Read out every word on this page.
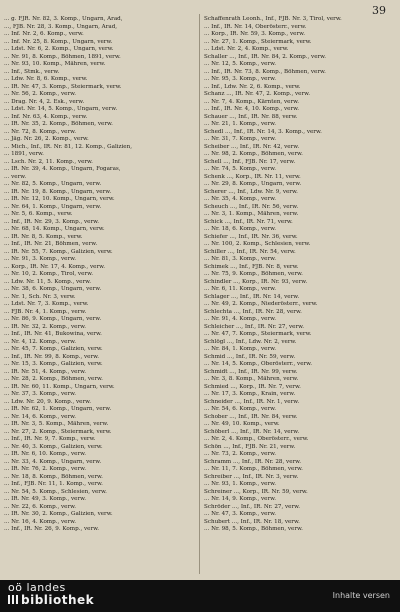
39
... g. FJR. Nr. 82, 3. Komp., Ungarn, Arad,
..., FJB. Nr. 28, 3. Komp., Ungarn, Arad,
... Inf. Nr. 2, 6. Komp., verw.
... Inf. Nr. 25, 8. Komp., Ungarn, verw.
... Ldst. Nr. 6, 2. Komp., Ungarn, verw.
... Nr. 91, 8. Komp., Böhmen, 1891, verw.
... Nr. 93, 10. Komp., Mähren, verw.
... Inf., Stmk., verw.
... Ldw. Nr. 8, 6. Komp., verw.
... IR. Nr. 47, 3. Komp., Steiermark, verw.
... Nr. 56, 2. Komp., verw.
... Drag. Nr. 4, 2. Esk., verw.
... Ldst. Nr. 14, 5. Komp., Ungarn, verw.
... Inf. Nr. 63, 4. Komp., verw.
... IR. Nr. 35, 2. Komp., Böhmen, verw.
... Nr. 72, 8. Komp., verw.
... Jäg. Nr. 26, 2. Komp., verw.
... Mich., Inf., IR. Nr. 81, 12. Komp., Galizien,
... 1891, verw.
... Lsch. Nr. 2, 11. Komp., verw.
... IR. Nr. 39, 4. Komp., Ungarn, Fogaras,
... verw.
... Nr. 82, 5. Komp., Ungarn, verw.
... IR. Nr. 19, 8. Komp., Ungarn, verw.
... IR. Nr. 12, 10. Komp., Ungarn, verw.
... Nr. 64, 1. Komp., Ungarn, verw.
... Nr. 5, 6. Komp., verw.
... Inf., IR. Nr. 29, 3. Komp., verw.
... Nr. 68, 14. Komp., Ungarn, verw.
... IR. Nr. 8, 5. Komp., verw.
... Inf., IR. Nr. 21, Böhmen, verw.
... IR. Nr. 55, 7. Komp., Galizien, verw.
... Nr. 91, 3. Komp., verw.
... Korp., IR. Nr. 17, 4. Komp., verw.
... Nr. 10, 2. Komp., Tirol, verw.
... Ldw. Nr. 11, 5. Komp., verw.
... Nr. 38, 6. Komp., Ungarn, verw.
... Nr. 1, Sch. Nr. 3, verw.
... Ldst. Nr. 7, 3. Komp., verw.
... FJB. Nr. 4, 1. Komp., verw.
... Nr. 86, 9. Komp., Ungarn, verw.
... IR. Nr. 32, 2. Komp., verw.
... Inf., IR. Nr. 41, Bukowina, verw.
... Nr. 4, 12. Komp., verw.
... Nr. 45, 7. Komp., Galizien, verw.
... Inf., IR. Nr. 99, 8. Komp., verw.
... Nr. 15, 3. Komp., Galizien, verw.
... IR. Nr. 51, 4. Komp., verw.
... Nr. 28, 2. Komp., Böhmen, verw.
... IR. Nr. 60, 11. Komp., Ungarn, verw.
... Nr. 37, 3. Komp., verw.
... Ldw. Nr. 20, 9. Komp., verw.
... IR. Nr. 62, 1. Komp., Ungarn, verw.
... Nr. 14, 6. Komp., verw.
... IR. Nr. 3, 5. Komp., Mähren, verw.
... Nr. 27, 2. Komp., Steiermark, verw.
... Inf., IR. Nr. 9, 7. Komp., verw.
... Nr. 40, 3. Komp., Galizien, verw.
... IR. Nr. 6, 10. Komp., verw.
... Nr. 33, 4. Komp., Ungarn, verw.
... IR. Nr. 76, 2. Komp., verw.
... Nr. 18, 8. Komp., Böhmen, verw.
... Inf., FJB. Nr. 11, 1. Komp., verw.
... Nr. 54, 5. Komp., Schlesien, verw.
... IR. Nr. 49, 3. Komp., verw.
... Nr. 22, 6. Komp., verw.
... IR. Nr. 30, 2. Komp., Galizien, verw.
... Nr. 16, 4. Komp., verw.
... Inf., IR. Nr. 26, 9. Komp., verw.
Schaffenrath Leonh., Inf., FJB. Nr. 3, Tirol, verw.
... Inf., IR. Nr. 14, Oberösterr., verw.
... Korp., IR. Nr. 59, 3. Komp., verw.
... Nr. 27, 1. Komp., Steiermark, verw.
... Ldst. Nr. 2, 4. Komp., verw.
Schaller ..., Inf., IR. Nr. 84, 2. Komp., verw.
... Nr. 12, 5. Komp., verw.
... Inf., IR. Nr. 73, 8. Komp., Böhmen, verw.
... Nr. 95, 3. Komp., verw.
... Inf., Ldw. Nr. 2, 6. Komp., verw.
Schanz ..., IR. Nr. 47, 2. Komp., verw.
... Nr. 7, 4. Komp., Kärnten, verw.
... Inf., IR. Nr. 4, 10. Komp., verw.
Schauer ..., Inf., IR. Nr. 88, verw.
... Nr. 21, 1. Komp., verw.
Schedl ..., Inf., IR. Nr. 14, 3. Komp., verw.
... Nr. 31, 7. Komp., verw.
Scheiber ..., Inf., IR. Nr. 42, verw.
... Nr. 98, 2. Komp., Böhmen, verw.
Schell ..., Inf., FJB. Nr. 17, verw.
... Nr. 74, 5. Komp., verw.
Schenk ..., Korp., IR. Nr. 11, verw.
... Nr. 29, 8. Komp., Ungarn, verw.
Scherer ..., Inf., Ldw. Nr. 9, verw.
... Nr. 35, 4. Komp., verw.
Scheuch ..., Inf., IR. Nr. 56, verw.
... Nr. 3, 1. Komp., Mähren, verw.
Schick ..., Inf., IR. Nr. 71, verw.
... Nr. 18, 6. Komp., verw.
Schiefer ..., Inf., IR. Nr. 36, verw.
... Nr. 100, 2. Komp., Schlesien, verw.
Schiller ..., Inf., IR. Nr. 54, verw.
... Nr. 81, 3. Komp., verw.
Schimek ..., Inf., FJB. Nr. 8, verw.
... Nr. 75, 9. Komp., Böhmen, verw.
Schindler ..., Korp., IR. Nr. 93, verw.
... Nr. 6, 11. Komp., verw.
Schlager ..., Inf., IR. Nr. 14, verw.
... Nr. 49, 2. Komp., Niederösterr., verw.
Schlechta ..., Inf., IR. Nr. 28, verw.
... Nr. 91, 4. Komp., verw.
Schleicher ..., Inf., IR. Nr. 27, verw.
... Nr. 47, 7. Komp., Steiermark, verw.
Schlögl ..., Inf., Ldw. Nr. 2, verw.
... Nr. 84, 1. Komp., verw.
Schmid ..., Inf., IR. Nr. 59, verw.
... Nr. 14, 5. Komp., Oberösterr., verw.
Schmidt ..., Inf., IR. Nr. 99, verw.
... Nr. 3, 8. Komp., Mähren, verw.
Schmied ..., Korp., IR. Nr. 7, verw.
... Nr. 17, 3. Komp., Krain, verw.
Schneider ..., Inf., IR. Nr. 1, verw.
... Nr. 54, 6. Komp., verw.
Schober ..., Inf., IR. Nr. 84, verw.
... Nr. 49, 10. Komp., verw.
Schöberl ..., Inf., IR. Nr. 14, verw.
... Nr. 2, 4. Komp., Oberösterr., verw.
Schön ..., Inf., FJB. Nr. 21, verw.
... Nr. 73, 2. Komp., verw.
Schramm ..., Inf., IR. Nr. 28, verw.
... Nr. 11, 7. Komp., Böhmen, verw.
Schreiber ..., Inf., IR. Nr. 3, verw.
... Nr. 93, 1. Komp., verw.
Schreiner ..., Korp., IR. Nr. 59, verw.
... Nr. 14, 9. Komp., verw.
Schröder ..., Inf., IR. Nr. 27, verw.
... Nr. 47, 3. Komp., verw.
Schubert ..., Inf., IR. Nr. 18, verw.
... Nr. 98, 5. Komp., Böhmen, verw.
oö landes
bibliothek	Inhalte versen
